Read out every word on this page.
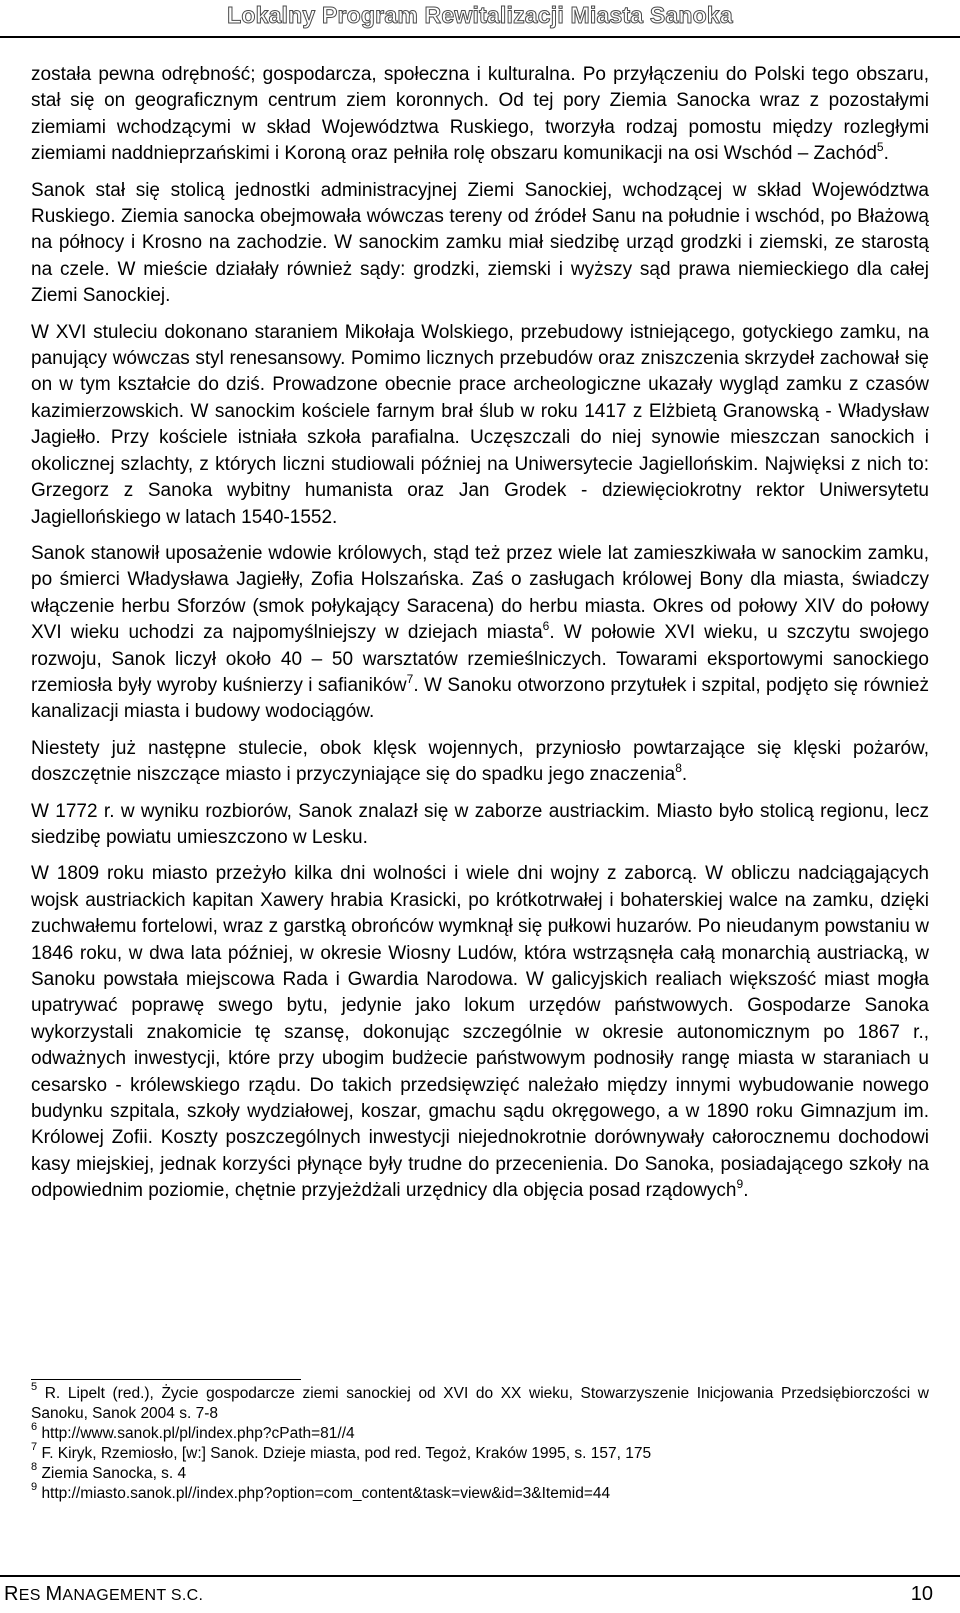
Lokalny Program Rewitalizacji Miasta Sanoka

została pewna odrębność; gospodarcza, społeczna i kulturalna. Po przyłączeniu do Polski tego obszaru, stał się on geograficznym centrum ziem koronnych. Od tej pory Ziemia Sanocka wraz z pozostałymi ziemiami wchodzącymi w skład Województwa Ruskiego, tworzyła rodzaj pomostu między rozległymi ziemiami naddnieprzańskimi i Koroną oraz pełniła rolę obszaru komunikacji na osi Wschód – Zachód$^5$.

Sanok stał się stolicą jednostki administracyjnej Ziemi Sanockiej, wchodzącej w skład Województwa Ruskiego. Ziemia sanocka obejmowała wówczas tereny od źródeł Sanu na południe i wschód, po Błażową na północy i Krosno na zachodzie. W sanockim zamku miał siedzibę urząd grodzki i ziemski, ze starostą na czele. W mieście działały również sądy: grodzki, ziemski i wyższy sąd prawa niemieckiego dla całej Ziemi Sanockiej.

W XVI stuleciu dokonano staraniem Mikołaja Wolskiego, przebudowy istniejącego, gotyckiego zamku, na panujący wówczas styl renesansowy. Pomimo licznych przebudów oraz zniszczenia skrzydeł zachował się on w tym kształcie do dziś. Prowadzone obecnie prace archeologiczne ukazały wygląd zamku z czasów kazimierzowskich. W sanockim kościele farnym brał ślub w roku 1417 z Elżbietą Granowską - Władysław Jagiełło. Przy kościele istniała szkoła parafialna. Uczęszczali do niej synowie mieszczan sanockich i okolicznej szlachty, z których liczni studiowali później na Uniwersytecie Jagiellońskim. Najwięksi z nich to: Grzegorz z Sanoka wybitny humanista oraz Jan Grodek - dziewięciokrotny rektor Uniwersytetu Jagiellońskiego w latach 1540-1552.

Sanok stanowił uposażenie wdowie królowych, stąd też przez wiele lat zamieszkiwała w sanockim zamku, po śmierci Władysława Jagiełły, Zofia Holszańska. Zaś o zasługach królowej Bony dla miasta, świadczy włączenie herbu Sforzów (smok połykający Saracena) do herbu miasta. Okres od połowy XIV do połowy XVI wieku uchodzi za najpomyślniejszy w dziejach miasta$^6$. W połowie XVI wieku, u szczytu swojego rozwoju, Sanok liczył około 40 – 50 warsztatów rzemieślniczych. Towarami eksportowymi sanockiego rzemiosła były wyroby kuśnierzy i safianików$^7$. W Sanoku otworzono przytułek i szpital, podjęto się również kanalizacji miasta i budowy wodociągów.

Niestety już następne stulecie, obok klęsk wojennych, przyniosło powtarzające się klęski pożarów, doszczętnie niszczące miasto i przyczyniające się do spadku jego znaczenia$^8$.

W 1772 r. w wyniku rozbiorów, Sanok znalazł się w zaborze austriackim. Miasto było stolicą regionu, lecz siedzibę powiatu umieszczono w Lesku.

W 1809 roku miasto przeżyło kilka dni wolności i wiele dni wojny z zaborcą. W obliczu nadciągających wojsk austriackich kapitan Xawery hrabia Krasicki, po krótkotrwałej i bohaterskiej walce na zamku, dzięki zuchwałemu fortelowi, wraz z garstką obrońców wymknął się pułkowi huzarów. Po nieudanym powstaniu w 1846 roku, w dwa lata później, w okresie Wiosny Ludów, która wstrząsnęła całą monarchią austriacką, w Sanoku powstała miejscowa Rada i Gwardia Narodowa. W galicyjskich realiach większość miast mogła upatrywać poprawę swego bytu, jedynie jako lokum urzędów państwowych. Gospodarze Sanoka wykorzystali znakomicie tę szansę, dokonując szczególnie w okresie autonomicznym po 1867 r., odważnych inwestycji, które przy ubogim budżecie państwowym podnosiły rangę miasta w staraniach u cesarsko - królewskiego rządu. Do takich przedsięwzięć należało między innymi wybudowanie nowego budynku szpitala, szkoły wydziałowej, koszar, gmachu sądu okręgowego, a w 1890 roku Gimnazjum im. Królowej Zofii. Koszty poszczególnych inwestycji niejednokrotnie dorównywały całorocznemu dochodowi kasy miejskiej, jednak korzyści płynące były trudne do przecenienia. Do Sanoka, posiadającego szkoły na odpowiednim poziomie, chętnie przyjeżdżali urzędnicy dla objęcia posad rządowych$^9$.

$^5$ R. Lipelt (red.), Życie gospodarcze ziemi sanockiej od XVI do XX wieku, Stowarzyszenie Inicjowania Przedsiębiorczości w Sanoku, Sanok 2004 s. 7-8

$^6$ http://www.sanok.pl/pl/index.php?cPath=81//4

$^7$ F. Kiryk, Rzemiosło, [w:] Sanok. Dzieje miasta, pod red. Tegoż, Kraków 1995, s. 157, 175

$^8$ Ziemia Sanocka, s. 4

$^9$ http://miasto.sanok.pl//index.php?option=com_content&task=view&id=3&Itemid=44

RES MANAGEMENT S.C.	10
